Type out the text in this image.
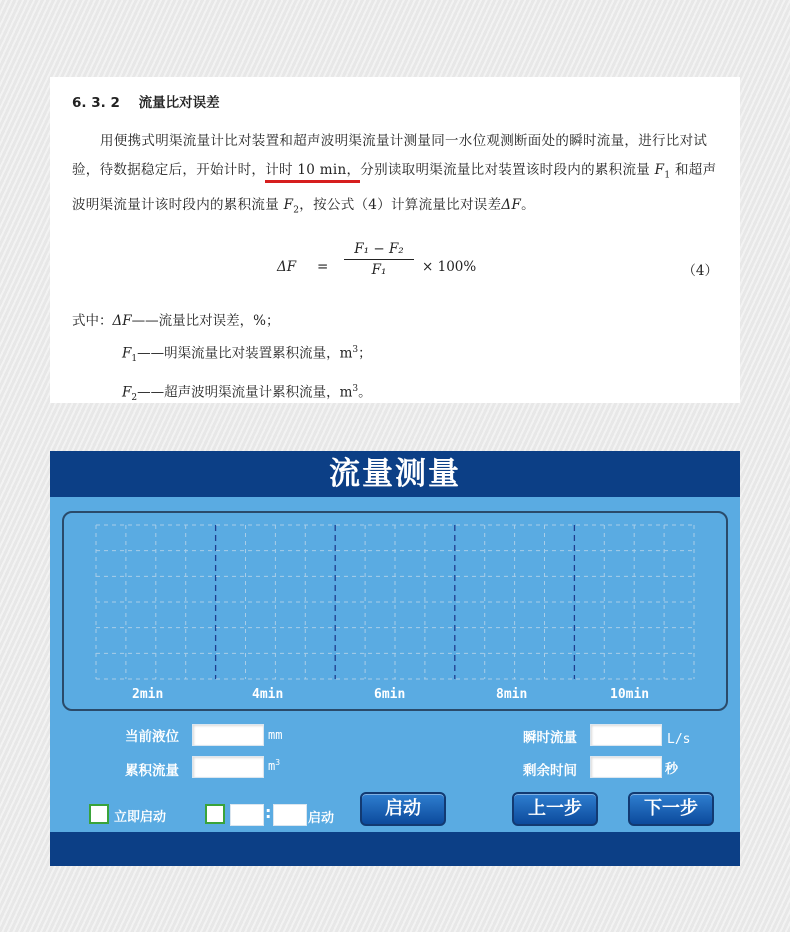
6. 3. 2 流量比对误差
用便携式明渠流量计比对装置和超声波明渠流量计测量同一水位观测断面处的瞬时流量，进行比对试验，待数据稳定后，开始计时，计时 10 min，分别读取明渠流量比对装置该时段内的累积流量 $F_1$ 和超声波明渠流量计该时段内的累积流量 $F_2$，按公式（4）计算流量比对误差ΔF。
$\Delta F = \frac{\text{F₁ − F₂}}{\text{F₁}} \times 100\%$	（4）
式中：ΔF——流量比对误差，%；
$F_1——$明渠流量比对装置累积流量，$m^3$；
$F_2——$超声波明渠流量计累积流量，$m^3$。
流量测量
2min	4min	6min	8min	10min
当前液位	mm
累积流量	$m^3$
瞬时流量	L/s
剩余时间	秒
立即启动	:	启动	启动	上一步	下一步
